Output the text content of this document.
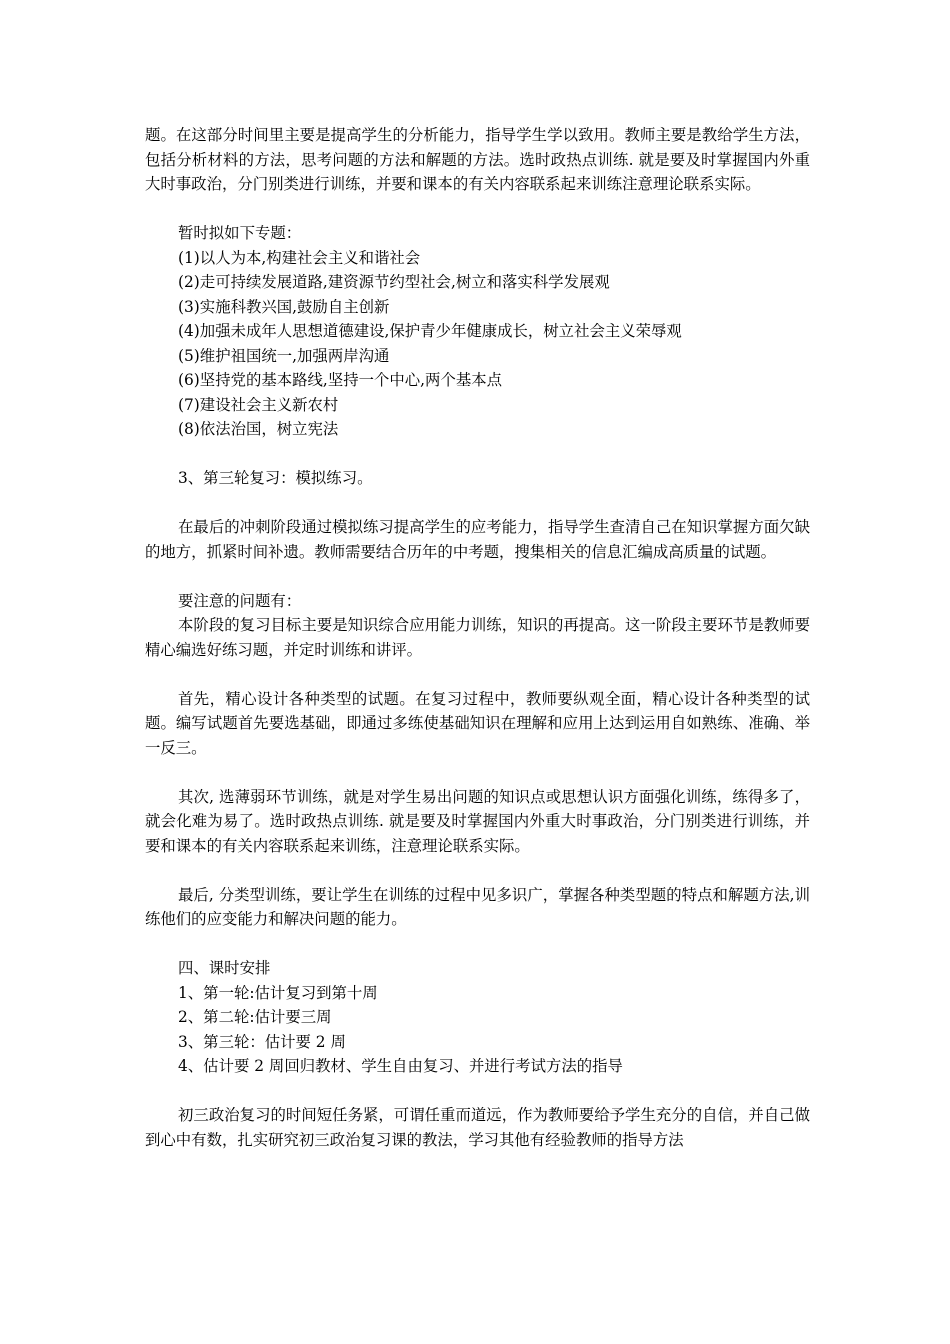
题。在这部分时间里主要是提高学生的分析能力，指导学生学以致用。教师主要是教给学生方法，包括分析材料的方法，思考问题的方法和解题的方法。选时政热点训练. 就是要及时掌握国内外重大时事政治，分门别类进行训练，并要和课本的有关内容联系起来训练注意理论联系实际。

暂时拟如下专题：

(1)以人为本,构建社会主义和谐社会

(2)走可持续发展道路,建资源节约型社会,树立和落实科学发展观

(3)实施科教兴国,鼓励自主创新

(4)加强未成年人思想道德建设,保护青少年健康成长，树立社会主义荣辱观

(5)维护祖国统一,加强两岸沟通

(6)坚持党的基本路线,坚持一个中心,两个基本点

(7)建设社会主义新农村

(8)依法治国，树立宪法

3、第三轮复习：模拟练习。

在最后的冲刺阶段通过模拟练习提高学生的应考能力，指导学生查清自己在知识掌握方面欠缺的地方，抓紧时间补遗。教师需要结合历年的中考题，搜集相关的信息汇编成高质量的试题。

要注意的问题有：

本阶段的复习目标主要是知识综合应用能力训练，知识的再提高。这一阶段主要环节是教师要精心编选好练习题，并定时训练和讲评。

首先，精心设计各种类型的试题。在复习过程中，教师要纵观全面，精心设计各种类型的试题。编写试题首先要选基础，即通过多练使基础知识在理解和应用上达到运用自如熟练、准确、举一反三。

其次, 选薄弱环节训练，就是对学生易出问题的知识点或思想认识方面强化训练，练得多了，就会化难为易了。选时政热点训练. 就是要及时掌握国内外重大时事政治，分门别类进行训练，并要和课本的有关内容联系起来训练，注意理论联系实际。

最后, 分类型训练，要让学生在训练的过程中见多识广，掌握各种类型题的特点和解题方法,训练他们的应变能力和解决问题的能力。

四、课时安排

1、第一轮:估计复习到第十周

2、第二轮:估计要三周

3、第三轮：估计要 2 周

4、估计要 2 周回归教材、学生自由复习、并进行考试方法的指导

初三政治复习的时间短任务紧，可谓任重而道远，作为教师要给予学生充分的自信，并自己做到心中有数，扎实研究初三政治复习课的教法，学习其他有经验教师的指导方法
